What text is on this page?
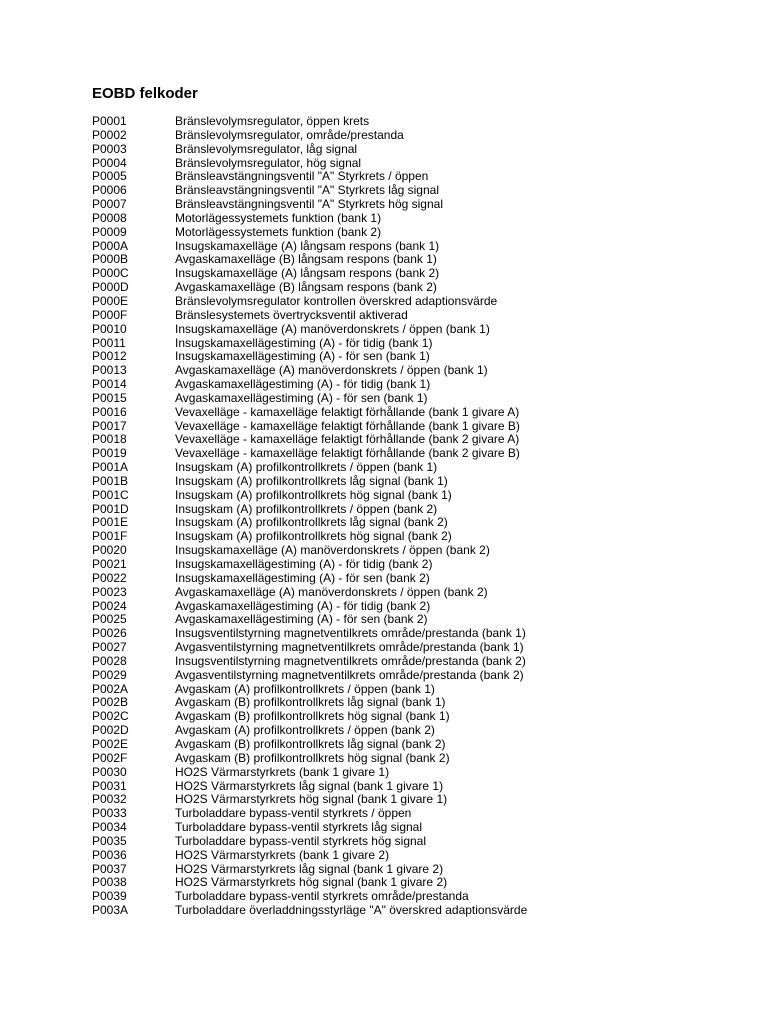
EOBD felkoder
P0001	Bränslevolymsregulator, öppen krets
P0002	Bränslevolymsregulator, område/prestanda
P0003	Bränslevolymsregulator, låg signal
P0004	Bränslevolymsregulator, hög signal
P0005	Bränsleavstängningsventil "A" Styrkrets / öppen
P0006	Bränsleavstängningsventil "A" Styrkrets låg signal
P0007	Bränsleavstängningsventil "A" Styrkrets hög signal
P0008	Motorlägessystemets funktion (bank 1)
P0009	Motorlägessystemets funktion (bank 2)
P000A	Insugskamaxelläge (A) långsam respons (bank 1)
P000B	Avgaskamaxelläge (B) långsam respons (bank 1)
P000C	Insugskamaxelläge (A) långsam respons (bank 2)
P000D	Avgaskamaxelläge (B) långsam respons (bank 2)
P000E	Bränslevolymsregulator kontrollen överskred adaptionsvärde
P000F	Bränslesystemets övertrycksventil aktiverad
P0010	Insugskamaxelläge (A) manöverdonskrets / öppen (bank 1)
P0011	Insugskamaxellägestiming (A) - för tidig (bank 1)
P0012	Insugskamaxellägestiming (A) - för sen (bank 1)
P0013	Avgaskamaxelläge (A) manöverdonskrets / öppen (bank 1)
P0014	Avgaskamaxellägestiming (A) - för tidig (bank 1)
P0015	Avgaskamaxellägestiming (A) - för sen (bank 1)
P0016	Vevaxelläge - kamaxelläge felaktigt förhållande (bank 1 givare A)
P0017	Vevaxelläge - kamaxelläge felaktigt förhållande (bank 1 givare B)
P0018	Vevaxelläge - kamaxelläge felaktigt förhållande (bank 2 givare A)
P0019	Vevaxelläge - kamaxelläge felaktigt förhållande (bank 2 givare B)
P001A	Insugskam (A) profilkontrollkrets / öppen (bank 1)
P001B	Insugskam (A) profilkontrollkrets låg signal (bank 1)
P001C	Insugskam (A) profilkontrollkrets hög signal (bank 1)
P001D	Insugskam (A) profilkontrollkrets / öppen (bank 2)
P001E	Insugskam (A) profilkontrollkrets låg signal (bank 2)
P001F	Insugskam (A) profilkontrollkrets hög signal (bank 2)
P0020	Insugskamaxelläge (A) manöverdonskrets / öppen (bank 2)
P0021	Insugskamaxellägestiming (A) - för tidig (bank 2)
P0022	Insugskamaxellägestiming (A) - för sen (bank 2)
P0023	Avgaskamaxelläge (A) manöverdonskrets / öppen (bank 2)
P0024	Avgaskamaxellägestiming (A) - för tidig (bank 2)
P0025	Avgaskamaxellägestiming (A) - för sen (bank 2)
P0026	Insugsventilstyrning magnetventilkrets område/prestanda (bank 1)
P0027	Avgasventilstyrning magnetventilkrets område/prestanda (bank 1)
P0028	Insugsventilstyrning magnetventilkrets område/prestanda (bank 2)
P0029	Avgasventilstyrning magnetventilkrets område/prestanda (bank 2)
P002A	Avgaskam (A) profilkontrollkrets / öppen (bank 1)
P002B	Avgaskam (B) profilkontrollkrets låg signal (bank 1)
P002C	Avgaskam (B) profilkontrollkrets hög signal (bank 1)
P002D	Avgaskam (A) profilkontrollkrets / öppen (bank 2)
P002E	Avgaskam (B) profilkontrollkrets låg signal (bank 2)
P002F	Avgaskam (B) profilkontrollkrets hög signal (bank 2)
P0030	HO2S Värmarstyrkrets (bank 1 givare 1)
P0031	HO2S Värmarstyrkrets låg signal (bank 1 givare 1)
P0032	HO2S Värmarstyrkrets hög signal (bank 1 givare 1)
P0033	Turboladdare bypass-ventil styrkrets / öppen
P0034	Turboladdare bypass-ventil styrkrets låg signal
P0035	Turboladdare bypass-ventil styrkrets hög signal
P0036	HO2S Värmarstyrkrets (bank 1 givare 2)
P0037	HO2S Värmarstyrkrets låg signal (bank 1 givare 2)
P0038	HO2S Värmarstyrkrets hög signal (bank 1 givare 2)
P0039	Turboladdare bypass-ventil styrkrets område/prestanda
P003A	Turboladdare överladdningsstyrläge "A" överskred adaptionsvärde
